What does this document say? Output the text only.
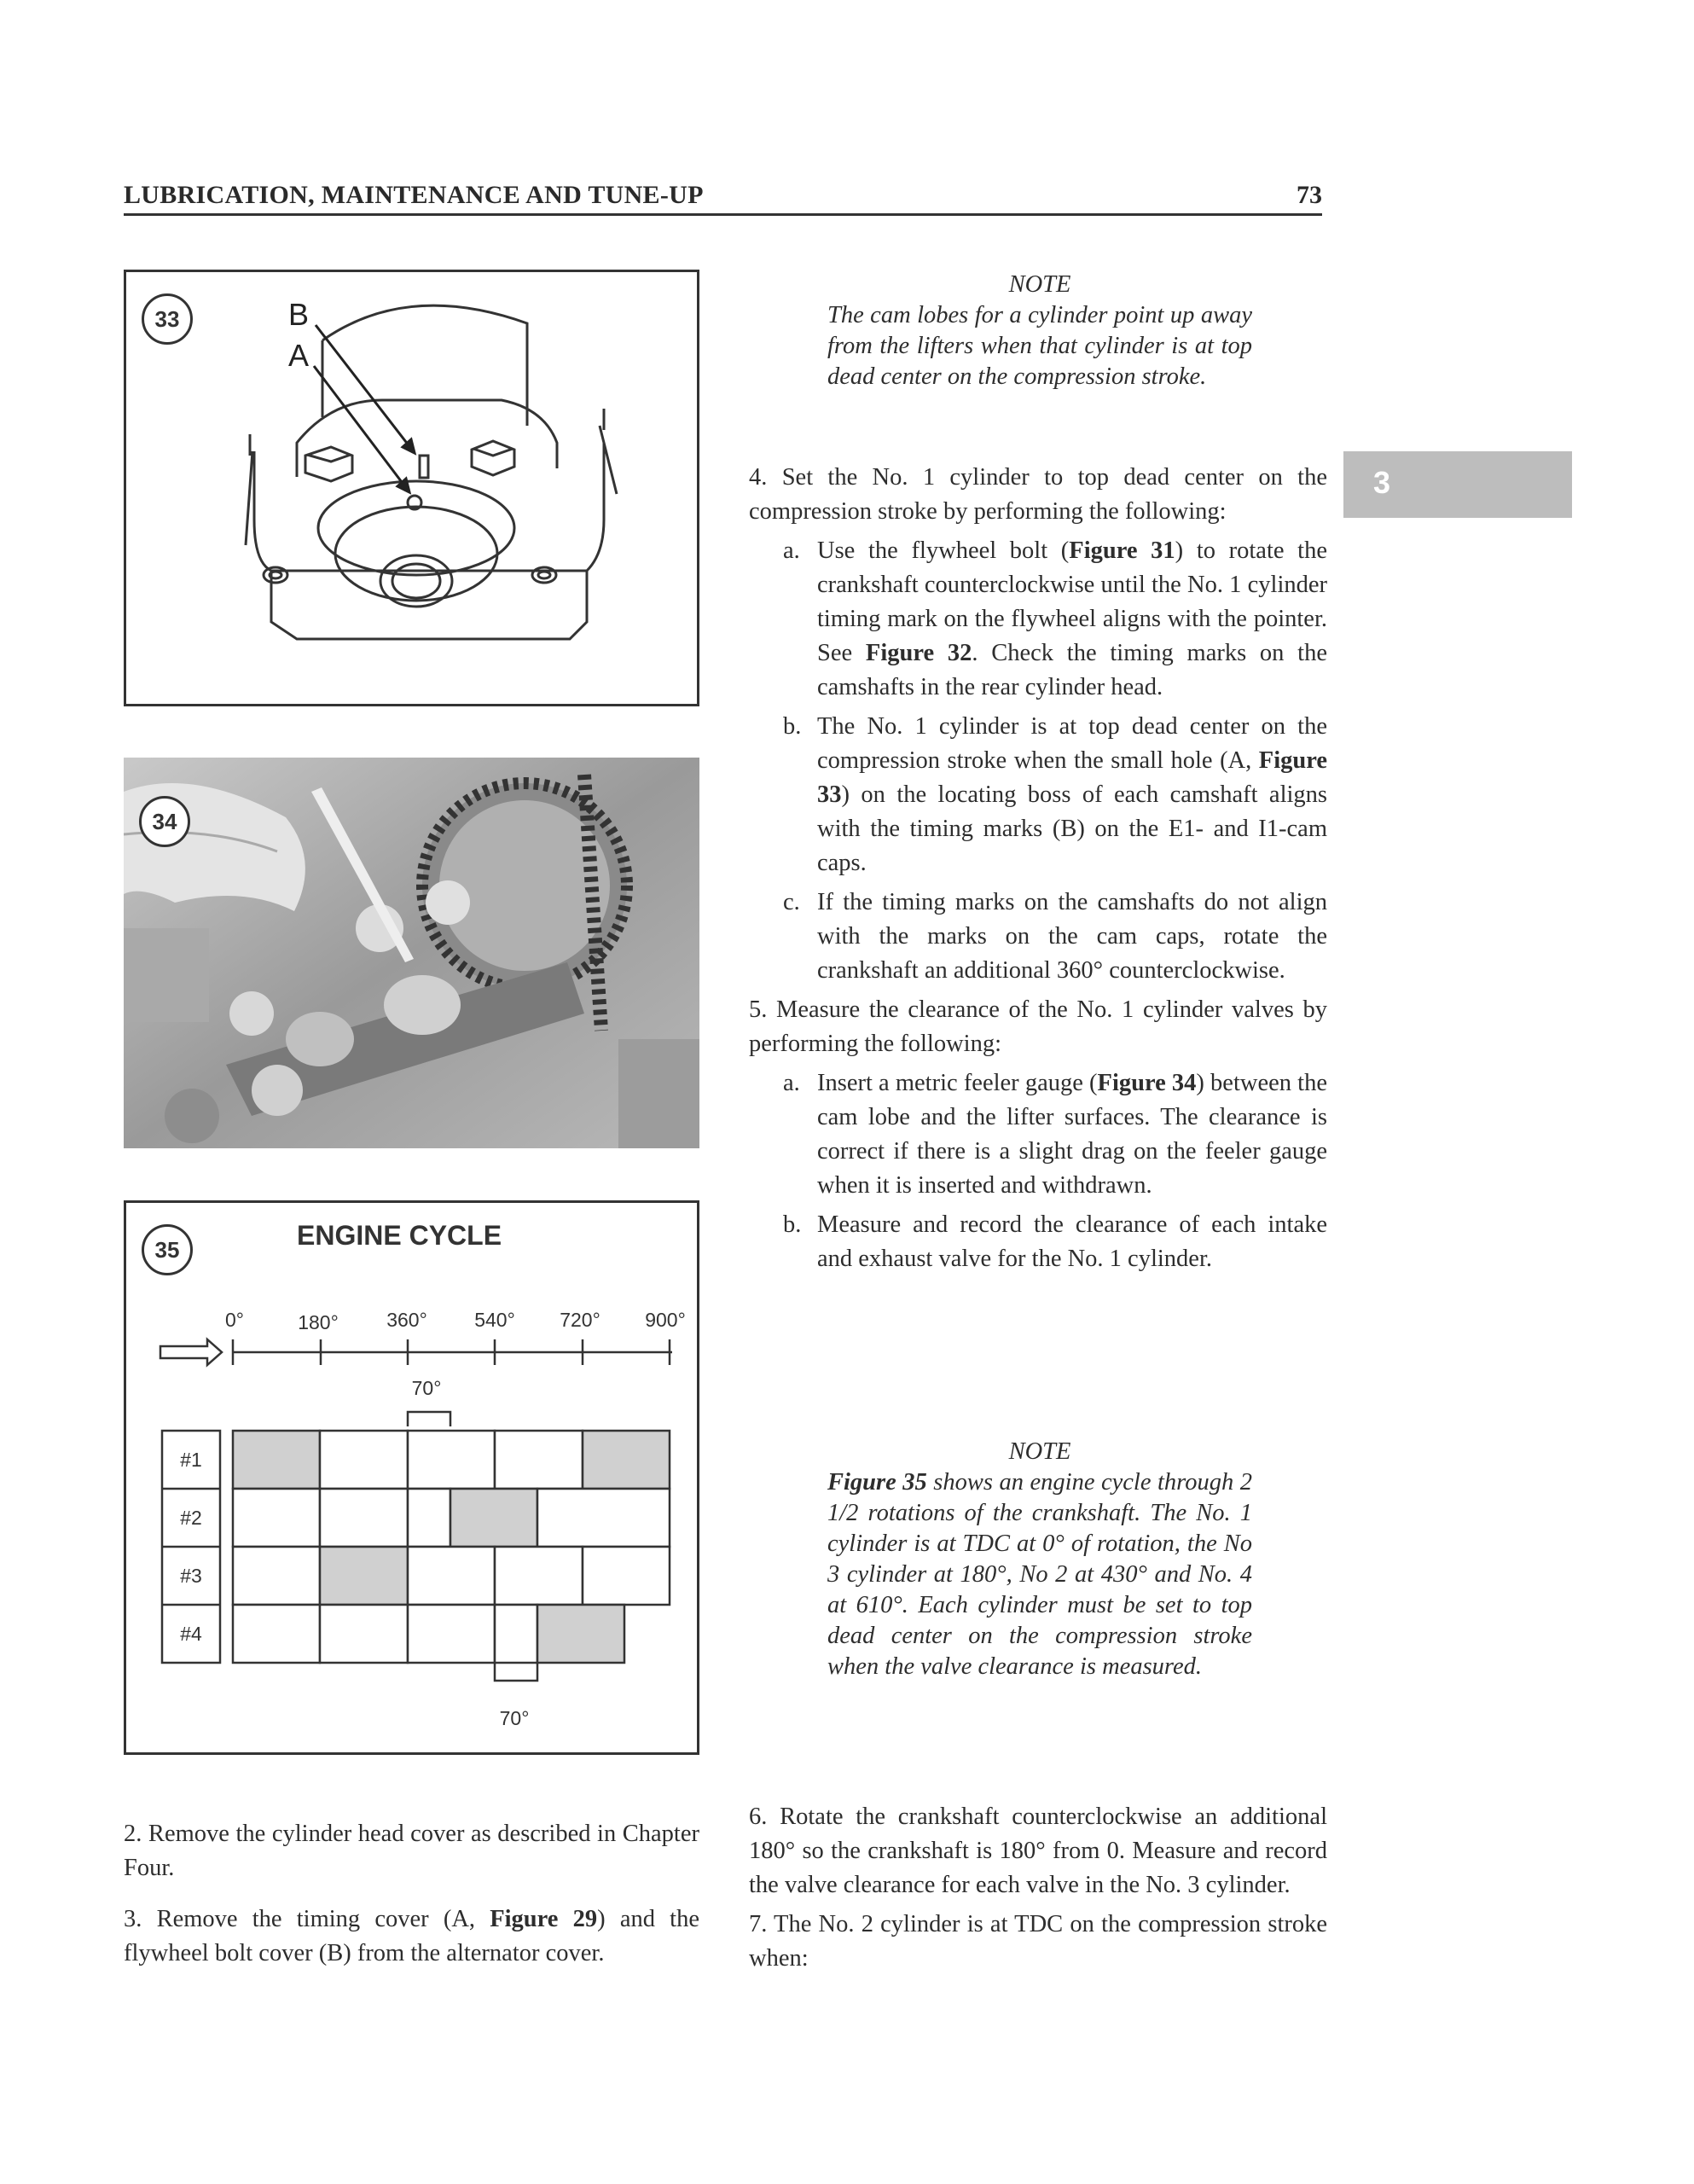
LUBRICATION, MAINTENANCE AND TUNE-UP	73
3
33	B
A
34
35	ENGINE CYCLE
0°	180° 360° 540° 720° 900°
70°
70°
#1
#2
#3
#4

2. Remove the cylinder head cover as described in Chapter Four.

3. Remove the timing cover (A, Figure 29) and the flywheel bolt cover (B) from the alternator cover.

NOTE
The cam lobes for a cylinder point up away from the lifters when that cylinder is at top dead center on the compression stroke.

4. Set the No. 1 cylinder to top dead center on the compression stroke by performing the following:

a. Use the flywheel bolt (Figure 31) to rotate the crankshaft counterclockwise until the No. 1 cylinder timing mark on the flywheel aligns with the pointer. See Figure 32. Check the timing marks on the camshafts in the rear cylinder head.
b. The No. 1 cylinder is at top dead center on the compression stroke when the small hole (A, Figure 33) on the locating boss of each camshaft aligns with the timing marks (B) on the E1- and I1-cam caps.
c. If the timing marks on the camshafts do not align with the marks on the cam caps, rotate the crankshaft an additional 360° counterclockwise.

5. Measure the clearance of the No. 1 cylinder valves by performing the following:

a. Insert a metric feeler gauge (Figure 34) between the cam lobe and the lifter surfaces. The clearance is correct if there is a slight drag on the feeler gauge when it is inserted and withdrawn.
b. Measure and record the clearance of each intake and exhaust valve for the No. 1 cylinder.
NOTE
Figure 35 shows an engine cycle through 2 1/2 rotations of the crankshaft. The No. 1 cylinder is at TDC at 0° of rotation, the No 3 cylinder at 180°, No 2 at 430° and No. 4 at 610°. Each cylinder must be set to top dead center on the compression stroke when the valve clearance is measured.

6. Rotate the crankshaft counterclockwise an additional 180° so the crankshaft is 180° from 0. Measure and record the valve clearance for each valve in the No. 3 cylinder.

7. The No. 2 cylinder is at TDC on the compression stroke when:
